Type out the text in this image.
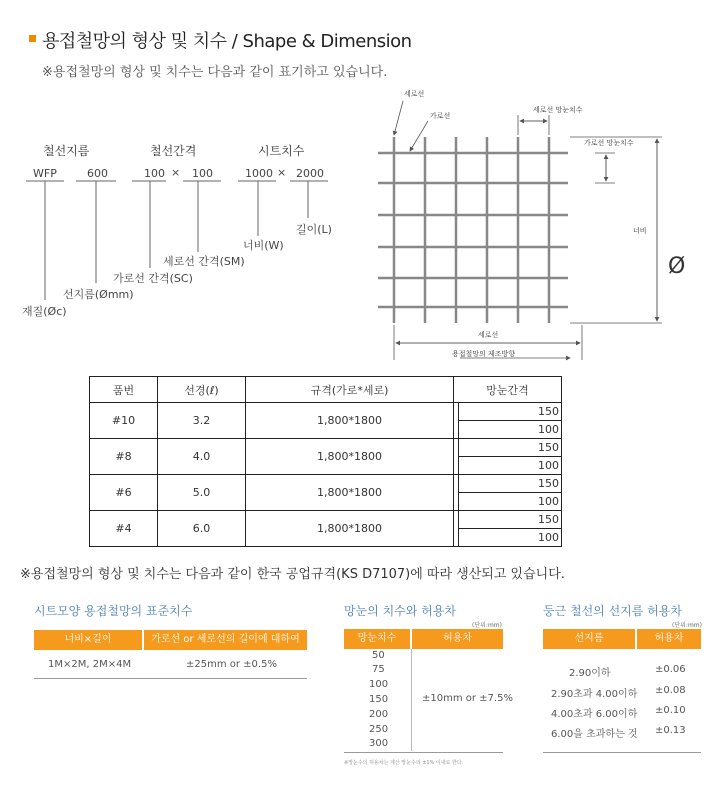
용접철망의 형상 및 치수 / Shape & Dimension
※용접철망의 형상 및 치수는 다음과 같이 표기하고 있습니다.
철선지름	철선간격	시트치수
WFP	600	100 × 100	1000 × 2000
길이(L)
너비(W)
세로선 간격(SM)
가로선 간격(SC)
선지름(Ømm)
재질(Øc)
세로선
가로선
세로선 망눈치수
가로선 망눈치수
너비
Ø
세로선
용접철망의 제조방향
품번	선경(ℓ)	규격(가로*세로)	망눈간격
#10	3.2	1,800*1800	150
100

#8	4.0	1,800*1800	150
100

#6	5.0	1,800*1800	150
100

#4	6.0	1,800*1800	150
100
※용접철망의 형상 및 치수는 다음과 같이 한국 공업규격(KS D7107)에 따라 생산되고 있습니다.
시트모양 용접철망의 표준치수
너비×길이	가로선 or 세로선의 길이에 대하여
1M×2M, 2M×4M	±25mm or ±0.5%
망눈의 치수와 허용차
(단위:mm)
망눈치수	허용차
50
75
100
150
200
250
300
±10mm or ±7.5%
※망눈수의 허용차는 계산 망눈수의 ±1% 이내로 한다.
둥근 철선의 선지름 허용차
(단위:mm)
선지름	허용차
2.90이하	±0.06
2.90초과 4.00이하 ±0.08
4.00초과 6.00이하 ±0.10
6.00을 초과하는 것 ±0.13
